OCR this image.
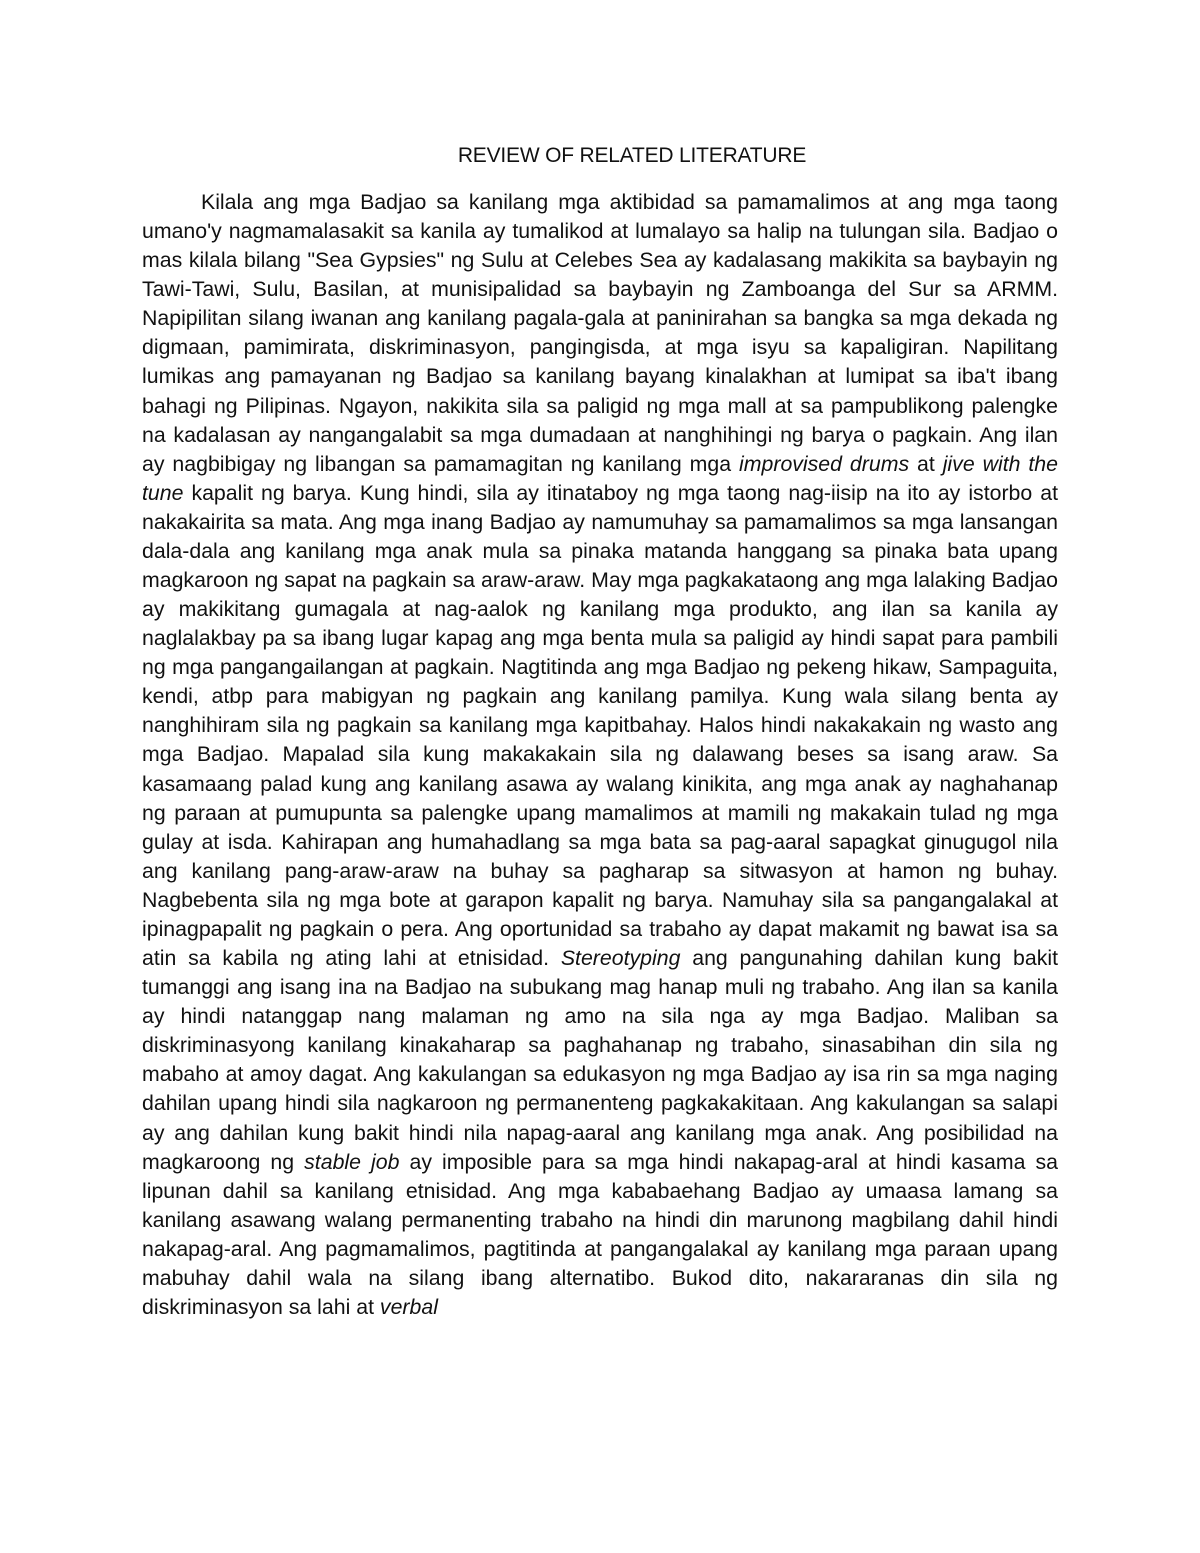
REVIEW OF RELATED LITERATURE

Kilala ang mga Badjao sa kanilang mga aktibidad sa pamamalimos at ang mga taong umano'y nagmamalasakit sa kanila ay tumalikod at lumalayo sa halip na tulungan sila. Badjao o mas kilala bilang "Sea Gypsies" ng Sulu at Celebes Sea ay kadalasang makikita sa baybayin ng Tawi-Tawi, Sulu, Basilan, at munisipalidad sa baybayin ng Zamboanga del Sur sa ARMM. Napipilitan silang iwanan ang kanilang pagala-gala at paninirahan sa bangka sa mga dekada ng digmaan, pamimirata, diskriminasyon, pangingisda, at mga isyu sa kapaligiran. Napilitang lumikas ang pamayanan ng Badjao sa kanilang bayang kinalakhan at lumipat sa iba't ibang bahagi ng Pilipinas. Ngayon, nakikita sila sa paligid ng mga mall at sa pampublikong palengke na kadalasan ay nangangalabit sa mga dumadaan at nanghihingi ng barya o pagkain. Ang ilan ay nagbibigay ng libangan sa pamamagitan ng kanilang mga improvised drums at jive with the tune kapalit ng barya. Kung hindi, sila ay itinataboy ng mga taong nag-iisip na ito ay istorbo at nakakairita sa mata. Ang mga inang Badjao ay namumuhay sa pamamalimos sa mga lansangan dala-dala ang kanilang mga anak mula sa pinaka matanda hanggang sa pinaka bata upang magkaroon ng sapat na pagkain sa araw-araw. May mga pagkakataong ang mga lalaking Badjao ay makikitang gumagala at nag-aalok ng kanilang mga produkto, ang ilan sa kanila ay naglalakbay pa sa ibang lugar kapag ang mga benta mula sa paligid ay hindi sapat para pambili ng mga pangangailangan at pagkain. Nagtitinda ang mga Badjao ng pekeng hikaw, Sampaguita, kendi, atbp para mabigyan ng pagkain ang kanilang pamilya. Kung wala silang benta ay nanghihiram sila ng pagkain sa kanilang mga kapitbahay. Halos hindi nakakakain ng wasto ang mga Badjao. Mapalad sila kung makakakain sila ng dalawang beses sa isang araw. Sa kasamaang palad kung ang kanilang asawa ay walang kinikita, ang mga anak ay naghahanap ng paraan at pumupunta sa palengke upang mamalimos at mamili ng makakain tulad ng mga gulay at isda. Kahirapan ang humahadlang sa mga bata sa pag-aaral sapagkat ginugugol nila ang kanilang pang-araw-araw na buhay sa pagharap sa sitwasyon at hamon ng buhay. Nagbebenta sila ng mga bote at garapon kapalit ng barya. Namuhay sila sa pangangalakal at ipinagpapalit ng pagkain o pera. Ang oportunidad sa trabaho ay dapat makamit ng bawat isa sa atin sa kabila ng ating lahi at etnisidad. Stereotyping ang pangunahing dahilan kung bakit tumanggi ang isang ina na Badjao na subukang mag hanap muli ng trabaho. Ang ilan sa kanila ay hindi natanggap nang malaman ng amo na sila nga ay mga Badjao. Maliban sa diskriminasyong kanilang kinakaharap sa paghahanap ng trabaho, sinasabihan din sila ng mabaho at amoy dagat. Ang kakulangan sa edukasyon ng mga Badjao ay isa rin sa mga naging dahilan upang hindi sila nagkaroon ng permanenteng pagkakakitaan. Ang kakulangan sa salapi ay ang dahilan kung bakit hindi nila napag-aaral ang kanilang mga anak. Ang posibilidad na magkaroong ng stable job ay imposible para sa mga hindi nakapag-aral at hindi kasama sa lipunan dahil sa kanilang etnisidad. Ang mga kababaehang Badjao ay umaasa lamang sa kanilang asawang walang permanenting trabaho na hindi din marunong magbilang dahil hindi nakapag-aral. Ang pagmamalimos, pagtitinda at pangangalakal ay kanilang mga paraan upang mabuhay dahil wala na silang ibang alternatibo. Bukod dito, nakararanas din sila ng diskriminasyon sa lahi at verbal
